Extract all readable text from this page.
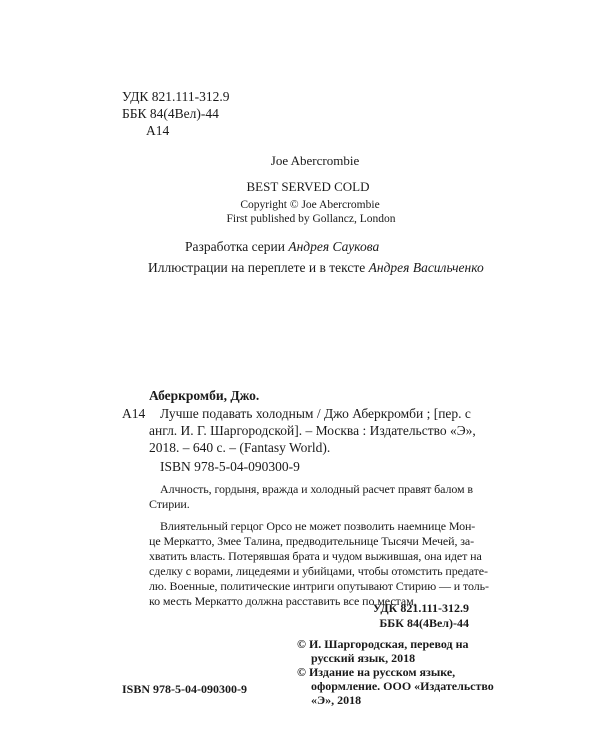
УДК 821.111-312.9
ББК 84(4Вел)-44
А14
Joe Abercrombie
BEST SERVED COLD
Copyright © Joe Abercrombie
First published by Gollancz, London
Разработка серии Андрея Саукова
Иллюстрации на переплете и в тексте Андрея Васильченко
Аберкромби, Джо.
А14 Лучше подавать холодным / Джо Аберкромби ; [пер. с
англ. И. Г. Шаргородской]. – Москва : Издательство «Э»,
2018. – 640 с. – (Fantasy World).
ISBN 978-5-04-090300-9
Алчность, гордыня, вражда и холодный расчет правят балом в
Стирии.
Влиятельный герцог Орсо не может позволить наемнице Мон-
це Меркатто, Змее Талина, предводительнице Тысячи Мечей, за-
хватить власть. Потерявшая брата и чудом выжившая, она идет на
сделку с ворами, лицедеями и убийцами, чтобы отомстить предате-
лю. Военные, политические интриги опутывают Стирию — и толь-
ко месть Меркатто должна расставить все по местам.
УДК 821.111-312.9
ББК 84(4Вел)-44
© И. Шаргородская, перевод на
русский язык, 2018
© Издание на русском языке,
оформление. ООО «Издательство
«Э», 2018
ISBN 978-5-04-090300-9
